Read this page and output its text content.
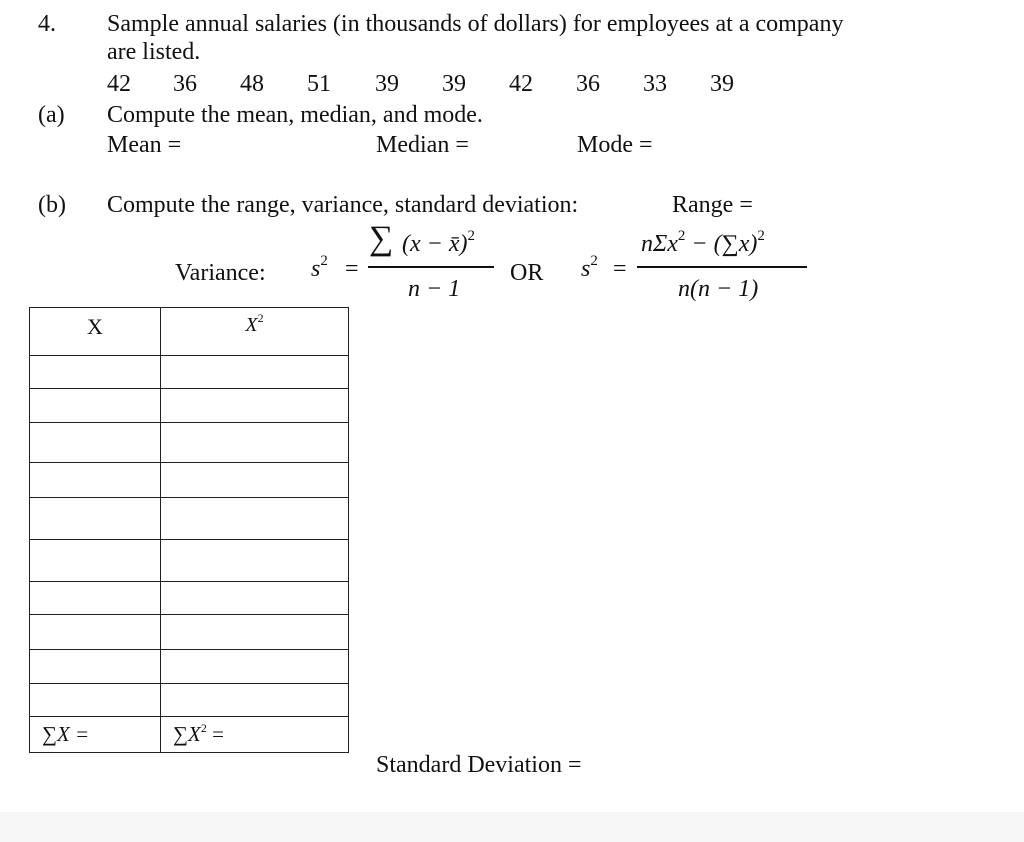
4. Sample annual salaries (in thousands of dollars) for employees at a company
are listed.
42 36 48 51 39 39 42 36 33 39
(a) Compute the mean, median, and mode.
Mean =	Median =	Mode =
(b) Compute the range, variance, standard deviation:	Range =
Variance: $s^2$ =
∑ (x − x̄)$^2$
n − 1
OR $s^2$ =
$n\Sigma x^2 - (\sum x)^2$
n(n − 1)
X	$X^2$

∑X =	$\sum X^2$ =
Standard Deviation =
